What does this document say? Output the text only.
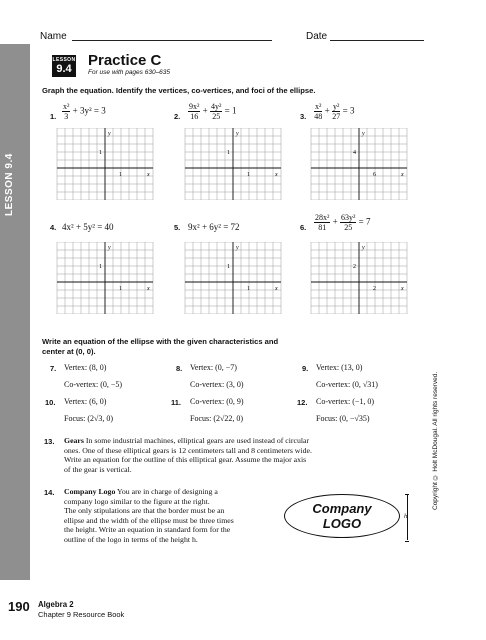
LESSON 9.4
Name	Date
LESSON
9.4 Practice C
For use with pages 630–635
Graph the equation. Identify the vertices, co-vertices, and foci of the ellipse.
1. $\frac{\text{x²}}{3} + 3y^2 = 3$
2. $\frac{\text{9x²}}{16} + \frac{\text{4y²}}{25} = 1$
3. $\frac{\text{x²}}{48} + \frac{\text{y²}}{27} = 3$
1
1
x
y
1
1
x
y
6
4
x
y
4. 4x² + 5y² = 40	5. 9x² + 6y² = 72	6. $\frac{\text{28x²}}{81} + \frac{\text{63y²}}{25} = 7$
1
1
x
y
1
1
x
y
2
2
x
y
Write an equation of the ellipse with the given characteristics and
center at (0, 0).
7. Vertex: (8, 0)
Co-vertex: (0, −5)
8. Vertex: (0, −7)
Co-vertex: (3, 0)
9. Vertex: (13, 0)
Co-vertex: (0, √31)
10. Vertex: (6, 0)
Focus: (2√3, 0)
11. Co-vertex: (0, 9)
Focus: (2√22, 0)
12. Co-vertex: (−1, 0)
Focus: (0, −√35)
13. Gears In some industrial machines, elliptical gears are used instead of circular
ones. One of these elliptical gears is 12 centimeters tall and 8 centimeters wide.
Write an equation for the outline of this elliptical gear. Assume the major axis
of the gear is vertical.
14. Company Logo You are in charge of designing a
company logo similar to the figure at the right.
The only stipulations are that the border must be an
ellipse and the width of the ellipse must be three times
the height. Write an equation in standard form for the
outline of the logo in terms of the height h.
Company
LOGO	h
Copyright © Holt McDougal. All rights reserved.
190 Algebra 2
Chapter 9 Resource Book
